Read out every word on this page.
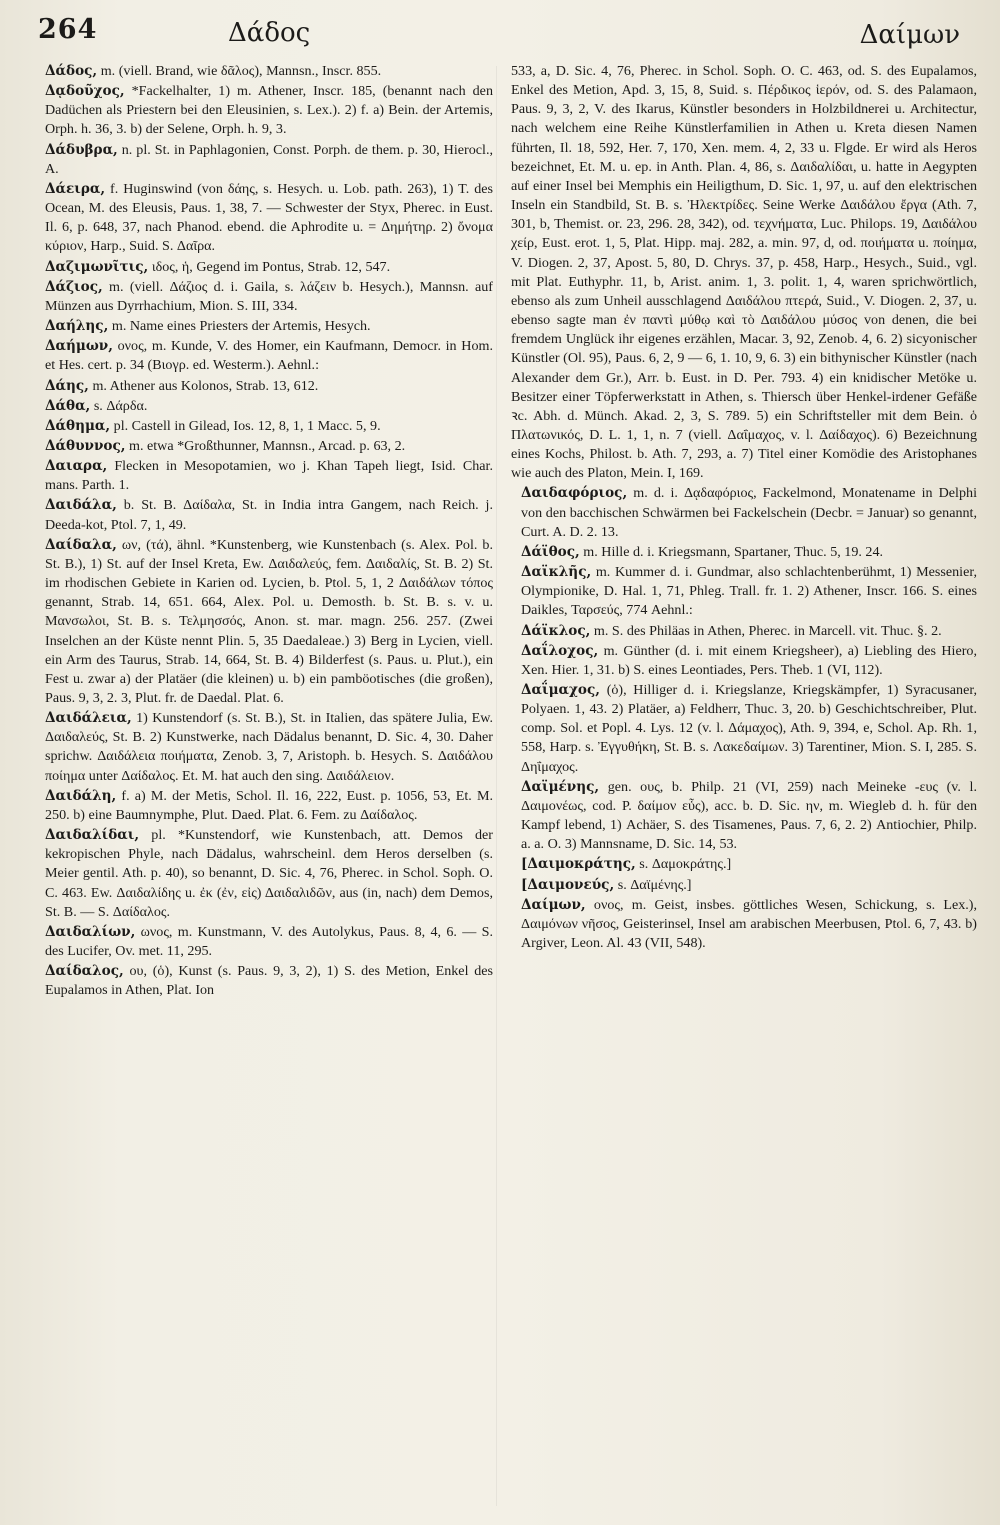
264	Δάδος	Δαίμων

Δάδος, m. (viell. Brand, wie δᾶλος), Mannsn., Inscr. 855.

Δᾳδοῦχος, *Fackelhalter, 1) m. Athener, Inscr. 185, (benannt nach den Dadüchen als Priestern bei den Eleusinien, s. Lex.). 2) f. a) Bein. der Artemis, Orph. h. 36, 3. b) der Selene, Orph. h. 9, 3.

Δάδυβρα, n. pl. St. in Paphlagonien, Const. Porph. de them. p. 30, Hierocl., A.

Δάειρα, f. Huginswind (von δάης, s. Hesych. u. Lob. path. 263), 1) T. des Ocean, M. des Eleusis, Paus. 1, 38, 7. — Schwester der Styx, Pherec. in Eust. Il. 6, p. 648, 37, nach Phanod. ebend. die Aphrodite u. = Δημήτηρ. 2) ὄνομα κύριον, Harp., Suid. S. Δαῖρα.

Δαζιμωνῖτις, ιδος, ἡ, Gegend im Pontus, Strab. 12, 547.

Δάζιος, m. (viell. Δάζιος d. i. Gaila, s. λάζειν b. Hesych.), Mannsn. auf Münzen aus Dyrrhachium, Mion. S. III, 334.

Δαήλης, m. Name eines Priesters der Artemis, Hesych.

Δαήμων, ονος, m. Kunde, V. des Homer, ein Kaufmann, Democr. in Hom. et Hes. cert. p. 34 (Βιογρ. ed. Westerm.). Aehnl.:

Δάης, m. Athener aus Kolonos, Strab. 13, 612.

Δάθα, s. Δάρδα.

Δάθημα, pl. Castell in Gilead, Ios. 12, 8, 1, 1 Macc. 5, 9.

Δάθυννος, m. etwa *Großthunner, Mannsn., Arcad. p. 63, 2.

Δαιαρα, Flecken in Mesopotamien, wo j. Khan Tapeh liegt, Isid. Char. mans. Parth. 1.

Δαιδάλα, b. St. B. Δαίδαλα, St. in India intra Gangem, nach Reich. j. Deeda-kot, Ptol. 7, 1, 49.

Δαίδαλα, ων, (τά), ähnl. *Kunstenberg, wie Kunstenbach (s. Alex. Pol. b. St. B.), 1) St. auf der Insel Kreta, Ew. Δαιδαλεύς, fem. Δαιδαλίς, St. B. 2) St. im rhodischen Gebiete in Karien od. Lycien, b. Ptol. 5, 1, 2 Δαιδάλων τόπος genannt, Strab. 14, 651. 664, Alex. Pol. u. Demosth. b. St. B. s. v. u. Μανσωλοι, St. B. s. Τελμησσός, Anon. st. mar. magn. 256. 257. (Zwei Inselchen an der Küste nennt Plin. 5, 35 Daedaleae.) 3) Berg in Lycien, viell. ein Arm des Taurus, Strab. 14, 664, St. B. 4) Bilderfest (s. Paus. u. Plut.), ein Fest u. zwar a) der Platäer (die kleinen) u. b) ein pamböotisches (die großen), Paus. 9, 3, 2. 3, Plut. fr. de Daedal. Plat. 6.

Δαιδάλεια, 1) Kunstendorf (s. St. B.), St. in Italien, das spätere Julia, Ew. Δαιδαλεύς, St. B. 2) Kunstwerke, nach Dädalus benannt, D. Sic. 4, 30. Daher sprichw. Δαιδάλεια ποιήματα, Zenob. 3, 7, Aristoph. b. Hesych. S. Δαιδάλου ποίημα unter Δαίδαλος. Et. M. hat auch den sing. Δαιδάλειον.

Δαιδάλη, f. a) M. der Metis, Schol. Il. 16, 222, Eust. p. 1056, 53, Et. M. 250. b) eine Baumnymphe, Plut. Daed. Plat. 6. Fem. zu Δαίδαλος.

Δαιδαλίδαι, pl. *Kunstendorf, wie Kunstenbach, att. Demos der kekropischen Phyle, nach Dädalus, wahrscheinl. dem Heros derselben (s. Meier gentil. Ath. p. 40), so benannt, D. Sic. 4, 76, Pherec. in Schol. Soph. O. C. 463. Ew. Δαιδαλίδης u. ἐκ (ἐν, εἰς) Δαιδαλιδῶν, aus (in, nach) dem Demos, St. B. — S. Δαίδαλος.

Δαιδαλίων, ωνος, m. Kunstmann, V. des Autolykus, Paus. 8, 4, 6. — S. des Lucifer, Ov. met. 11, 295.

Δαίδαλος, ου, (ὁ), Kunst (s. Paus. 9, 3, 2), 1) S. des Metion, Enkel des Eupalamos in Athen, Plat. Ion

533, a, D. Sic. 4, 76, Pherec. in Schol. Soph. O. C. 463, od. S. des Eupalamos, Enkel des Metion, Apd. 3, 15, 8, Suid. s. Πέρδικος ἱερόν, od. S. des Palamaon, Paus. 9, 3, 2, V. des Ikarus, Künstler besonders in Holzbildnerei u. Architectur, nach welchem eine Reihe Künstlerfamilien in Athen u. Kreta diesen Namen führten, Il. 18, 592, Her. 7, 170, Xen. mem. 4, 2, 33 u. Flgde. Er wird als Heros bezeichnet, Et. M. u. ep. in Anth. Plan. 4, 86, s. Δαιδαλίδαι, u. hatte in Aegypten auf einer Insel bei Memphis ein Heiligthum, D. Sic. 1, 97, u. auf den elektrischen Inseln ein Standbild, St. B. s. Ἠλεκτρίδες. Seine Werke Δαιδάλου ἔργα (Ath. 7, 301, b, Themist. or. 23, 296. 28, 342), od. τεχνήματα, Luc. Philops. 19, Δαιδάλου χείρ, Eust. erot. 1, 5, Plat. Hipp. maj. 282, a. min. 97, d, od. ποιήματα u. ποίημα, V. Diogen. 2, 37, Apost. 5, 80, D. Chrys. 37, p. 458, Harp., Hesych., Suid., vgl. mit Plat. Euthyphr. 11, b, Arist. anim. 1, 3. polit. 1, 4, waren sprichwörtlich, ebenso als zum Unheil ausschlagend Δαιδάλου πτερά, Suid., V. Diogen. 2, 37, u. ebenso sagte man ἐν παντὶ μύθῳ καὶ τὸ Δαιδάλου μύσος von denen, die bei fremdem Unglück ihr eigenes erzählen, Macar. 3, 92, Zenob. 4, 6. 2) sicyonischer Künstler (Ol. 95), Paus. 6, 2, 9 — 6, 1. 10, 9, 6. 3) ein bithynischer Künstler (nach Alexander dem Gr.), Arr. b. Eust. in D. Per. 793. 4) ein knidischer Metöke u. Besitzer einer Töpferwerkstatt in Athen, s. Thiersch über Henkel-irdener Gefäße ꝛc. Abh. d. Münch. Akad. 2, 3, S. 789. 5) ein Schriftsteller mit dem Bein. ὁ Πλατωνικός, D. L. 1, 1, n. 7 (viell. Δαΐμαχος, v. l. Δαίδαχος). 6) Bezeichnung eines Kochs, Philost. b. Ath. 7, 293, a. 7) Titel einer Komödie des Aristophanes wie auch des Platon, Mein. I, 169.

Δαιδαφόριος, m. d. i. Δᾳδαφόριος, Fackelmond, Monatename in Delphi von den bacchischen Schwärmen bei Fackelschein (Decbr. = Januar) so genannt, Curt. A. D. 2. 13.

Δάϊθος, m. Hille d. i. Kriegsmann, Spartaner, Thuc. 5, 19. 24.

Δαϊκλῆς, m. Kummer d. i. Gundmar, also schlachtenberühmt, 1) Messenier, Olympionike, D. Hal. 1, 71, Phleg. Trall. fr. 1. 2) Athener, Inscr. 166. S. eines Daikles, Ταρσεύς, 774 Aehnl.:

Δάϊκλος, m. S. des Philäas in Athen, Pherec. in Marcell. vit. Thuc. §. 2.

Δαΐλοχος, m. Günther (d. i. mit einem Kriegsheer), a) Liebling des Hiero, Xen. Hier. 1, 31. b) S. eines Leontiades, Pers. Theb. 1 (VI, 112).

Δαΐμαχος, (ὁ), Hilliger d. i. Kriegslanze, Kriegskämpfer, 1) Syracusaner, Polyaen. 1, 43. 2) Platäer, a) Feldherr, Thuc. 3, 20. b) Geschichtschreiber, Plut. comp. Sol. et Popl. 4. Lys. 12 (v. l. Δάμαχος), Ath. 9, 394, e, Schol. Ap. Rh. 1, 558, Harp. s. Ἐγγυθήκη, St. B. s. Λακεδαίμων. 3) Tarentiner, Mion. S. I, 285. S. Δηΐμαχος.

Δαϊμένης, gen. ους, b. Philp. 21 (VI, 259) nach Meineke -ευς (v. l. Δαιμονέως, cod. P. δαίμον εὖς), acc. b. D. Sic. ην, m. Wiegleb d. h. für den Kampf lebend, 1) Achäer, S. des Tisamenes, Paus. 7, 6, 2. 2) Antiochier, Philp. a. a. O. 3) Mannsname, D. Sic. 14, 53.

[Δαιμοκράτης, s. Δαμοκράτης.]

[Δαιμονεύς, s. Δαϊμένης.]

Δαίμων, ονος, m. Geist, insbes. göttliches Wesen, Schickung, s. Lex.), Δαιμόνων νῆσος, Geisterinsel, Insel am arabischen Meerbusen, Ptol. 6, 7, 43. b) Argiver, Leon. Al. 43 (VII, 548).
